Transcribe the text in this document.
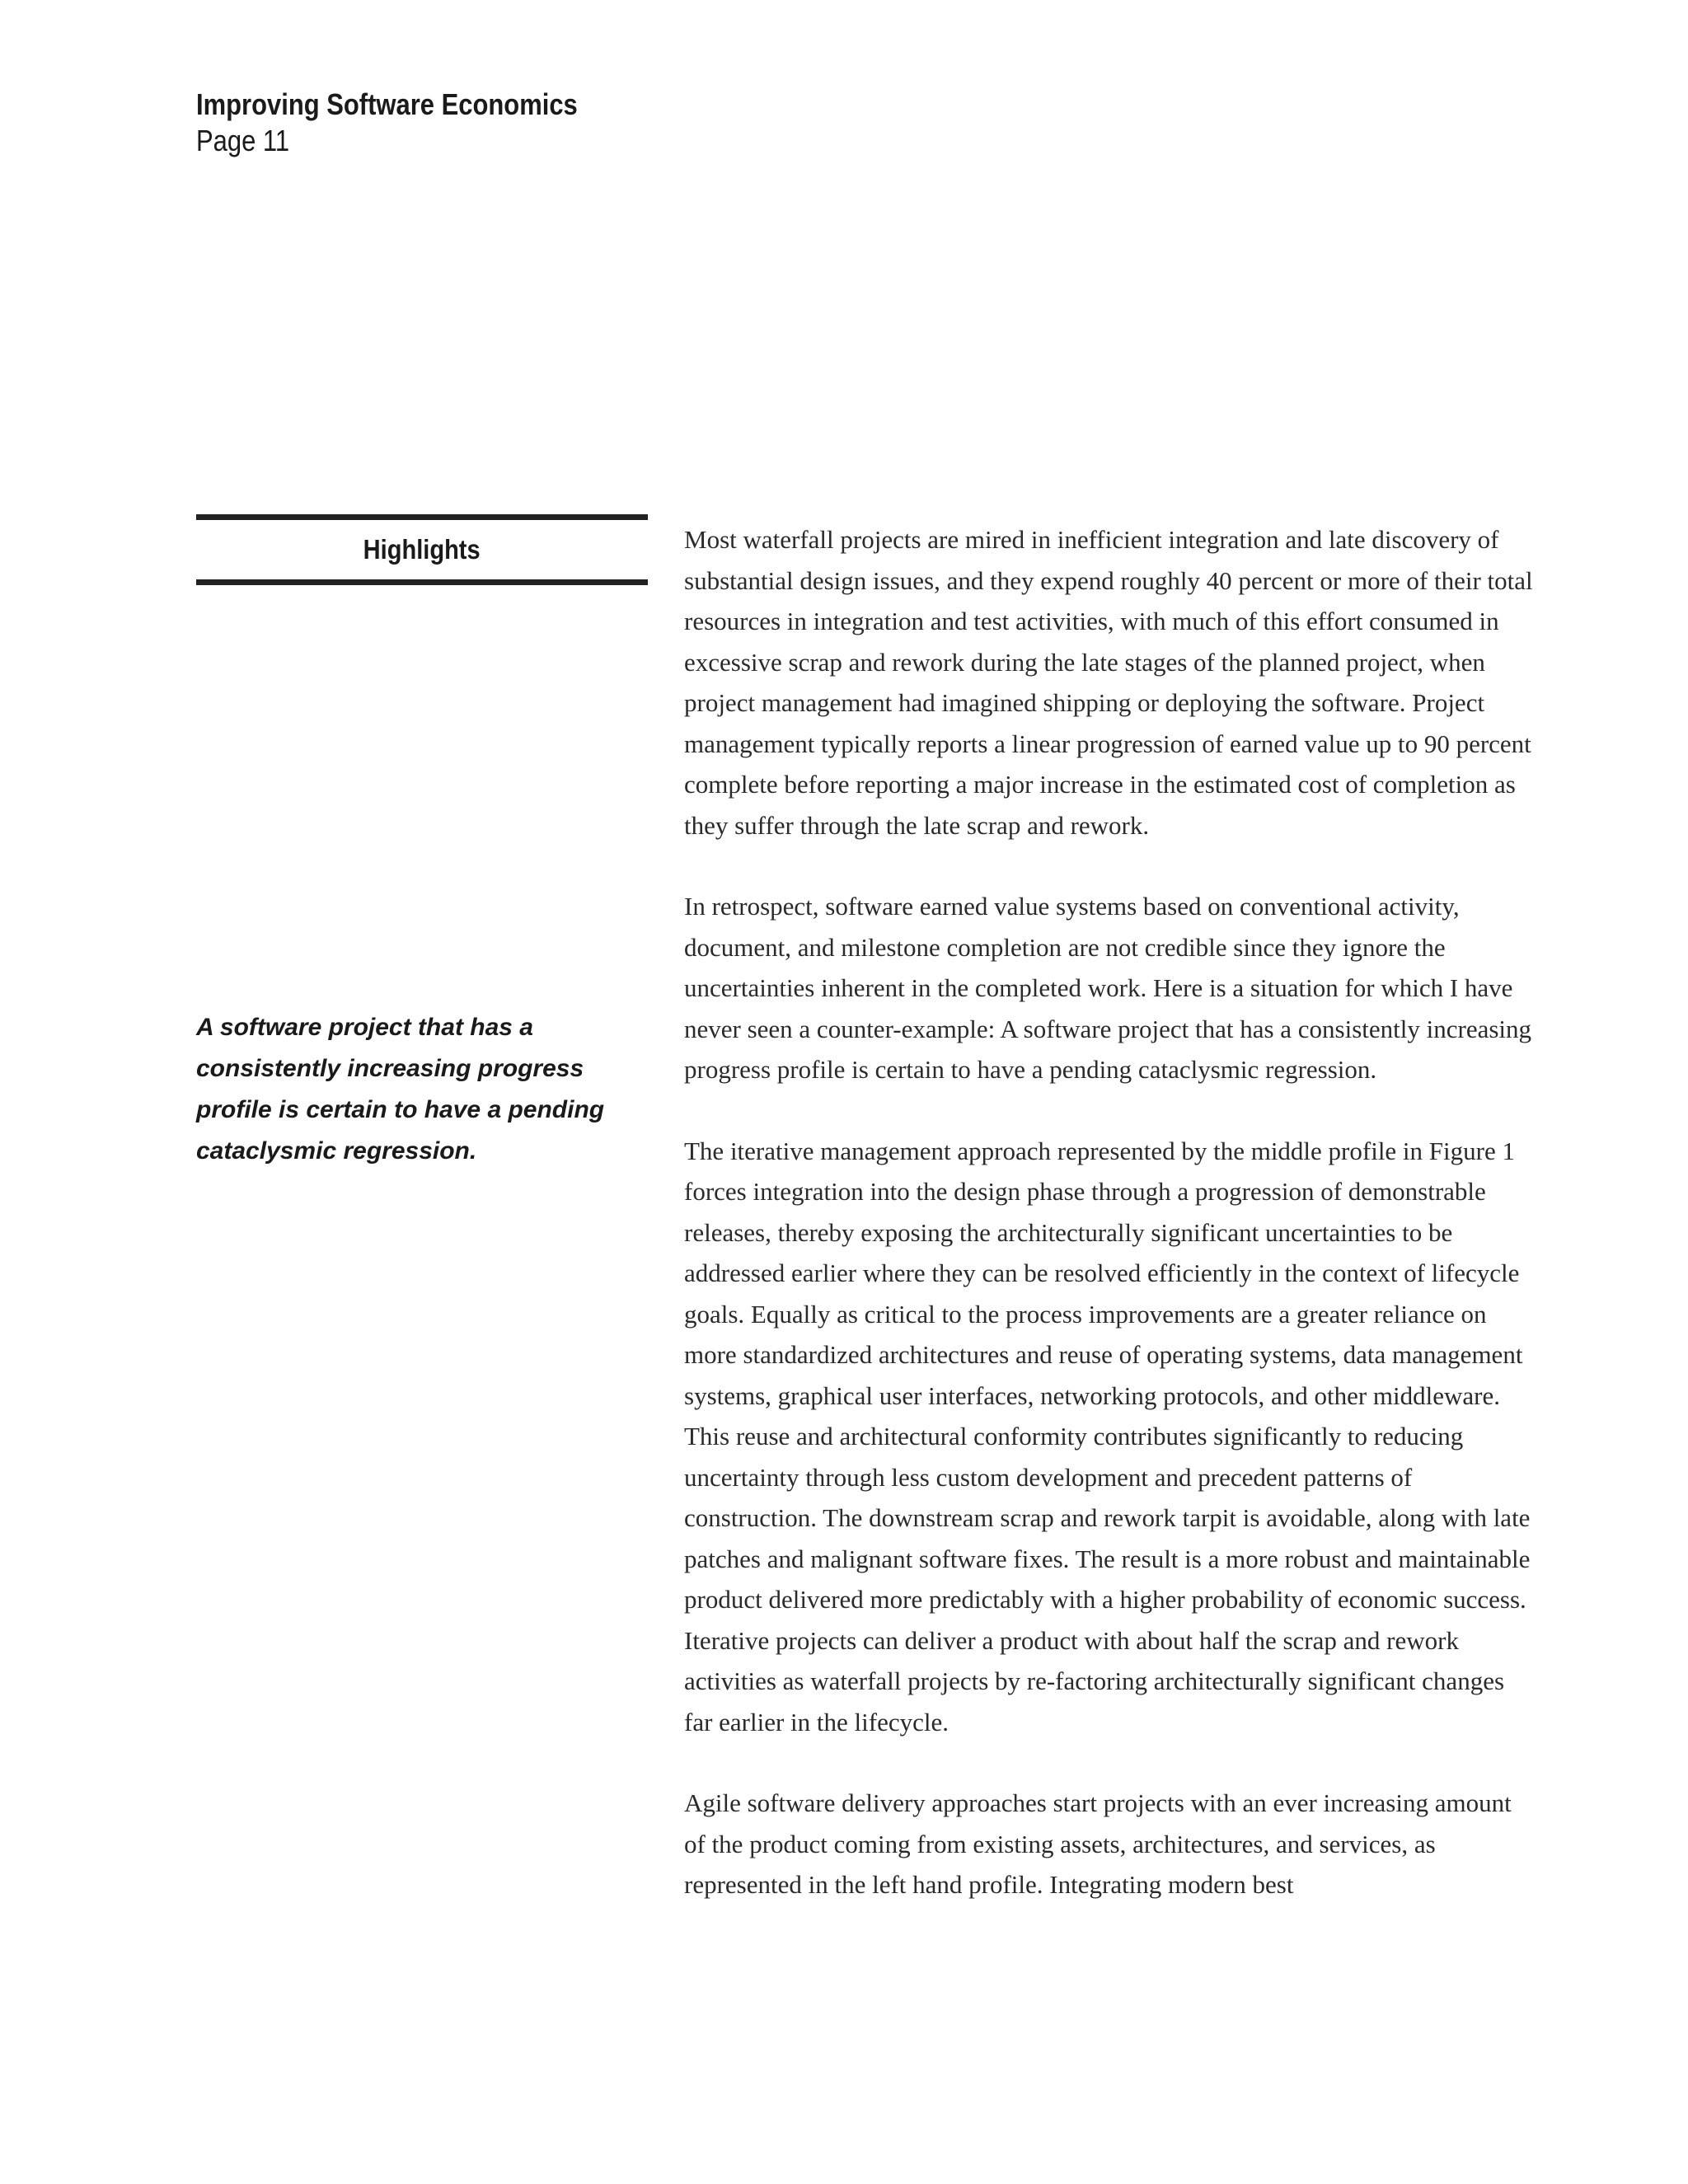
Improving Software Economics
Page 11
Highlights
A software project that has a consistently increasing progress profile is certain to have a pending cataclysmic regression.

Most waterfall projects are mired in inefficient integration and late discovery of substantial design issues, and they expend roughly 40 percent or more of their total resources in integration and test activities, with much of this effort consumed in excessive scrap and rework during the late stages of the planned project, when project management had imagined shipping or deploying the software. Project management typically reports a linear progression of earned value up to 90 percent complete before reporting a major increase in the estimated cost of completion as they suffer through the late scrap and rework.

In retrospect, software earned value systems based on conventional activity, document, and milestone completion are not credible since they ignore the uncertainties inherent in the completed work. Here is a situation for which I have never seen a counter-example: A software project that has a consistently increasing progress profile is certain to have a pending cataclysmic regression.

The iterative management approach represented by the middle profile in Figure 1 forces integration into the design phase through a progression of demonstrable releases, thereby exposing the architecturally significant uncertainties to be addressed earlier where they can be resolved efficiently in the context of lifecycle goals. Equally as critical to the process improvements are a greater reliance on more standardized architectures and reuse of operating systems, data management systems, graphical user interfaces, networking protocols, and other middleware. This reuse and architectural conformity contributes significantly to reducing uncertainty through less custom development and precedent patterns of construction. The downstream scrap and rework tarpit is avoidable, along with late patches and malignant software fixes. The result is a more robust and maintainable product delivered more predictably with a higher probability of economic success. Iterative projects can deliver a product with about half the scrap and rework activities as waterfall projects by re-factoring architecturally significant changes far earlier in the lifecycle.

Agile software delivery approaches start projects with an ever increasing amount of the product coming from existing assets, architectures, and services, as represented in the left hand profile. Integrating modern best
